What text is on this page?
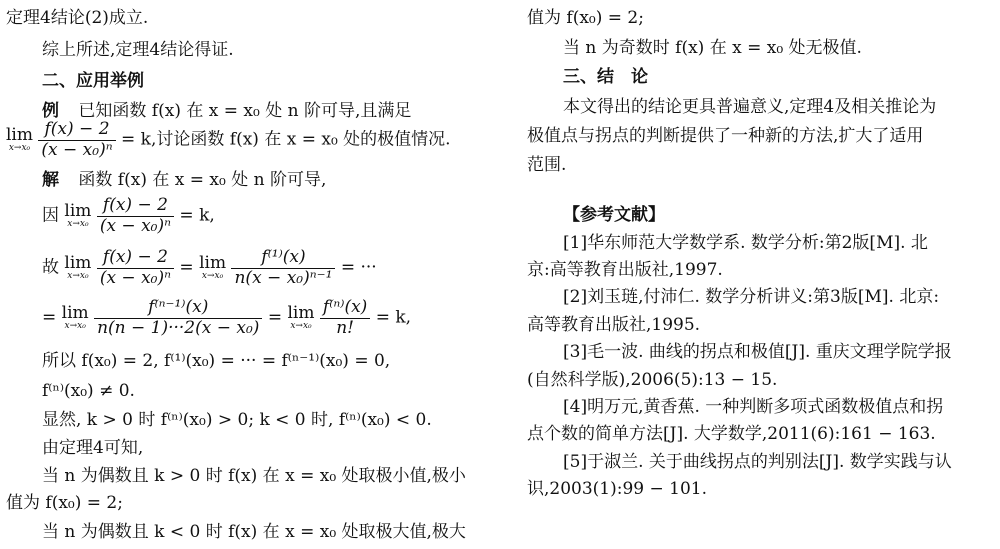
定理4结论(2)成立.
综上所述,定理4结论得证.
二、应用举例
例 已知函数 f(x) 在 x = x₀ 处 n 阶可导,且满足
lim
x→x₀
$\frac{f(x) - 2}{\text{(x − x₀)ⁿ}} = k$,讨论函数 f(x) 在 x = x₀ 处的极值情况.
解 函数 f(x) 在 x = x₀ 处 n 阶可导,
因 lim
x→x₀
$\frac{f(x) - 2}{\text{(x − x₀)ⁿ}} = k$,
故 lim
x→x₀
$\frac{f(x) - 2}{\text{(x − x₀)ⁿ}} = \lim$
x→x₀
$\frac{\text{f⁽¹⁾(x)}}{\text{n(x − x₀)ⁿ⁻¹}}$ = ···
= lim
x→x₀
$\frac{\text{f⁽ⁿ⁻¹⁾(x)}}{\text{n(n − 1)···2(x − x₀)}} = \lim$
x→x₀
$\frac{\text{f⁽ⁿ⁾(x)}}{n!} = k$,
所以 f(x₀) = 2, f⁽¹⁾(x₀) = ··· = f⁽ⁿ⁻¹⁾(x₀) = 0,
f⁽ⁿ⁾(x₀) ≠ 0.
显然, k > 0 时 f⁽ⁿ⁾(x₀) > 0; k < 0 时, f⁽ⁿ⁾(x₀) < 0.
由定理4可知,
当 n 为偶数且 k > 0 时 f(x) 在 x = x₀ 处取极小值,极小
值为 f(x₀) = 2;
当 n 为偶数且 k < 0 时 f(x) 在 x = x₀ 处取极大值,极大
值为 f(x₀) = 2;
当 n 为奇数时 f(x) 在 x = x₀ 处无极值.
三、结　论
本文得出的结论更具普遍意义,定理4及相关推论为
极值点与拐点的判断提供了一种新的方法,扩大了适用
范围.
【参考文献】
[1]华东师范大学数学系. 数学分析:第2版[M]. 北
京:高等教育出版社,1997.
[2]刘玉琏,付沛仁. 数学分析讲义:第3版[M]. 北京:
高等教育出版社,1995.
[3]毛一波. 曲线的拐点和极值[J]. 重庆文理学院学报
(自然科学版),2006(5):13 − 15.
[4]明万元,黄香蕉. 一种判断多项式函数极值点和拐
点个数的简单方法[J]. 大学数学,2011(6):161 − 163.
[5]于淑兰. 关于曲线拐点的判别法[J]. 数学实践与认
识,2003(1):99 − 101.
